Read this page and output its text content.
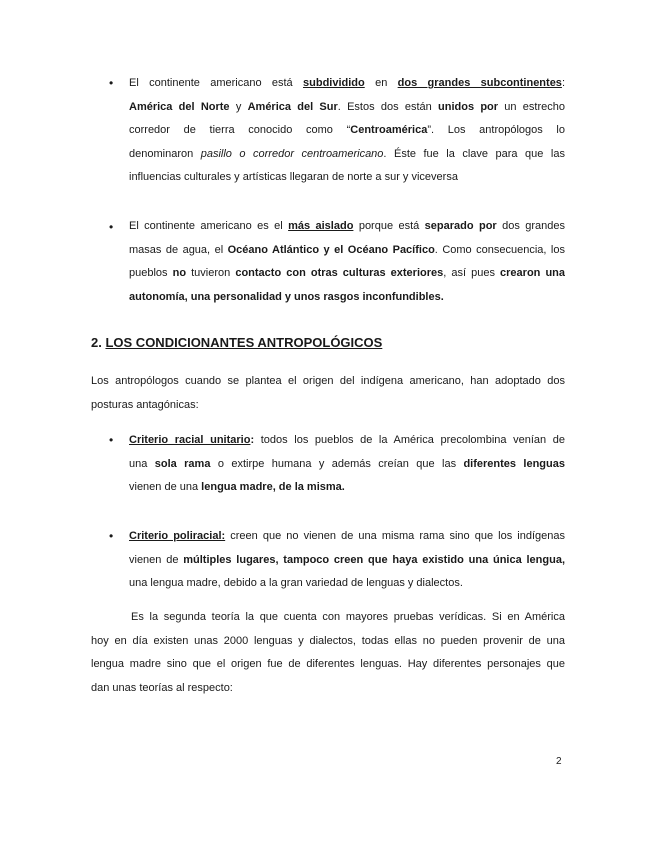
• El continente americano está subdividido en dos grandes subcontinentes:
América del Norte y América del Sur. Estos dos están unidos por un estrecho
corredor de tierra conocido como “Centroamérica”. Los antropólogos lo
denominaron pasillo o corredor centroamericano. Éste fue la clave para que las
influencias culturales y artísticas llegaran de norte a sur y viceversa
• El continente americano es el más aislado porque está separado por dos grandes
masas de agua, el Océano Atlántico y el Océano Pacífico. Como consecuencia, los
pueblos no tuvieron contacto con otras culturas exteriores, así pues crearon una
autonomía, una personalidad y unos rasgos inconfundibles.
2. LOS CONDICIONANTES ANTROPOLÓGICOS
Los antropólogos cuando se plantea el origen del indígena americano, han adoptado dos
posturas antagónicas:
• Criterio racial unitario: todos los pueblos de la América precolombina venían de
una sola rama o extirpe humana y además creían que las diferentes lenguas
vienen de una lengua madre, de la misma.
• Criterio poliracial: creen que no vienen de una misma rama sino que los indígenas
vienen de múltiples lugares, tampoco creen que haya existido una única lengua,
una lengua madre, debido a la gran variedad de lenguas y dialectos.
Es la segunda teoría la que cuenta con mayores pruebas verídicas. Si en América
hoy en día existen unas 2000 lenguas y dialectos, todas ellas no pueden provenir de una
lengua madre sino que el origen fue de diferentes lenguas. Hay diferentes personajes que
dan unas teorías al respecto:
2
